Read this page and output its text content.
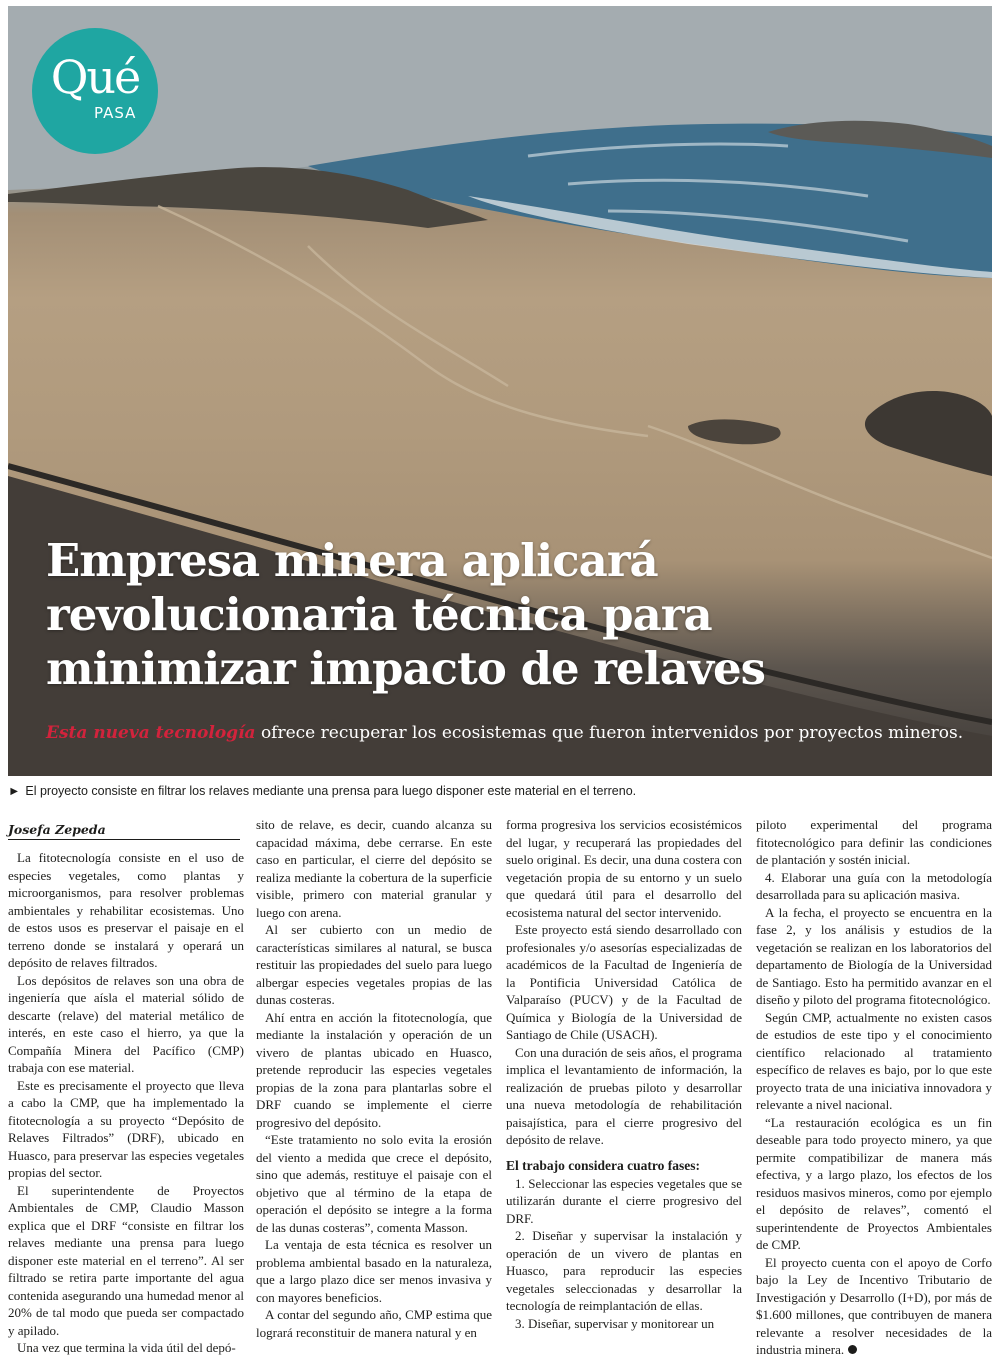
Qué
PASA
Empresa minera aplicará revolucionaria técnica para minimizar impacto de relaves

Esta nueva tecnología ofrece recuperar los ecosistemas que fueron intervenidos por proyectos mineros.

► El proyecto consiste en filtrar los relaves mediante una prensa para luego disponer este material en el terreno.
Josefa Zepeda

La fitotecnología consiste en el uso de especies vegetales, como plantas y microorganismos, para resolver problemas ambientales y rehabilitar ecosistemas. Uno de estos usos es preservar el paisaje en el terreno donde se instalará y operará un depósito de relaves filtrados.

Los depósitos de relaves son una obra de ingeniería que aísla el material sólido de descarte (relave) del material metálico de interés, en este caso el hierro, ya que la Compañía Minera del Pacífico (CMP) trabaja con ese material.

Este es precisamente el proyecto que lleva a cabo la CMP, que ha implementado la fitotecnología a su proyecto “Depósito de Relaves Filtrados” (DRF), ubicado en Huasco, para preservar las especies vegetales propias del sector.

El superintendente de Proyectos Ambientales de CMP, Claudio Masson explica que el DRF “consiste en filtrar los relaves mediante una prensa para luego disponer este material en el terreno”. Al ser filtrado se retira parte importante del agua contenida asegurando una humedad menor al 20% de tal modo que pueda ser compactado y apilado.

Una vez que termina la vida útil del depó-

sito de relave, es decir, cuando alcanza su capacidad máxima, debe cerrarse. En este caso en particular, el cierre del depósito se realiza mediante la cobertura de la superficie visible, primero con material granular y luego con arena.

Al ser cubierto con un medio de características similares al natural, se busca restituir las propiedades del suelo para luego albergar especies vegetales propias de las dunas costeras.

Ahí entra en acción la fitotecnología, que mediante la instalación y operación de un vivero de plantas ubicado en Huasco, pretende reproducir las especies vegetales propias de la zona para plantarlas sobre el DRF cuando se implemente el cierre progresivo del depósito.

“Este tratamiento no solo evita la erosión del viento a medida que crece el depósito, sino que además, restituye el paisaje con el objetivo que al término de la etapa de operación el depósito se integre a la forma de las dunas costeras”, comenta Masson.

La ventaja de esta técnica es resolver un problema ambiental basado en la naturaleza, que a largo plazo dice ser menos invasiva y con mayores beneficios.

A contar del segundo año, CMP estima que logrará reconstituir de manera natural y en

forma progresiva los servicios ecosistémicos del lugar, y recuperará las propiedades del suelo original. Es decir, una duna costera con vegetación propia de su entorno y un suelo que quedará útil para el desarrollo del ecosistema natural del sector intervenido.

Este proyecto está siendo desarrollado con profesionales y/o asesorías especializadas de académicos de la Facultad de Ingeniería de la Pontificia Universidad Católica de Valparaíso (PUCV) y de la Facultad de Química y Biología de la Universidad de Santiago de Chile (USACH).

Con una duración de seis años, el programa implica el levantamiento de información, la realización de pruebas piloto y desarrollar una nueva metodología de rehabilitación paisajística, para el cierre progresivo del depósito de relave.

El trabajo considera cuatro fases:

1. Seleccionar las especies vegetales que se utilizarán durante el cierre progresivo del DRF.

2. Diseñar y supervisar la instalación y operación de un vivero de plantas en Huasco, para reproducir las especies vegetales seleccionadas y desarrollar la tecnología de reimplantación de ellas.

3. Diseñar, supervisar y monitorear un

piloto experimental del programa fitotecnológico para definir las condiciones de plantación y sostén inicial.

4. Elaborar una guía con la metodología desarrollada para su aplicación masiva.

A la fecha, el proyecto se encuentra en la fase 2, y los análisis y estudios de la vegetación se realizan en los laboratorios del departamento de Biología de la Universidad de Santiago. Esto ha permitido avanzar en el diseño y piloto del programa fitotecnológico.

Según CMP, actualmente no existen casos de estudios de este tipo y el conocimiento científico relacionado al tratamiento específico de relaves es bajo, por lo que este proyecto trata de una iniciativa innovadora y relevante a nivel nacional.

“La restauración ecológica es un fin deseable para todo proyecto minero, ya que permite compatibilizar de manera más efectiva, y a largo plazo, los efectos de los residuos masivos mineros, como por ejemplo el depósito de relaves”, comentó el superintendente de Proyectos Ambientales de CMP.

El proyecto cuenta con el apoyo de Corfo bajo la Ley de Incentivo Tributario de Investigación y Desarrollo (I+D), por más de $1.600 millones, que contribuyen de manera relevante a resolver necesidades de la industria minera.
